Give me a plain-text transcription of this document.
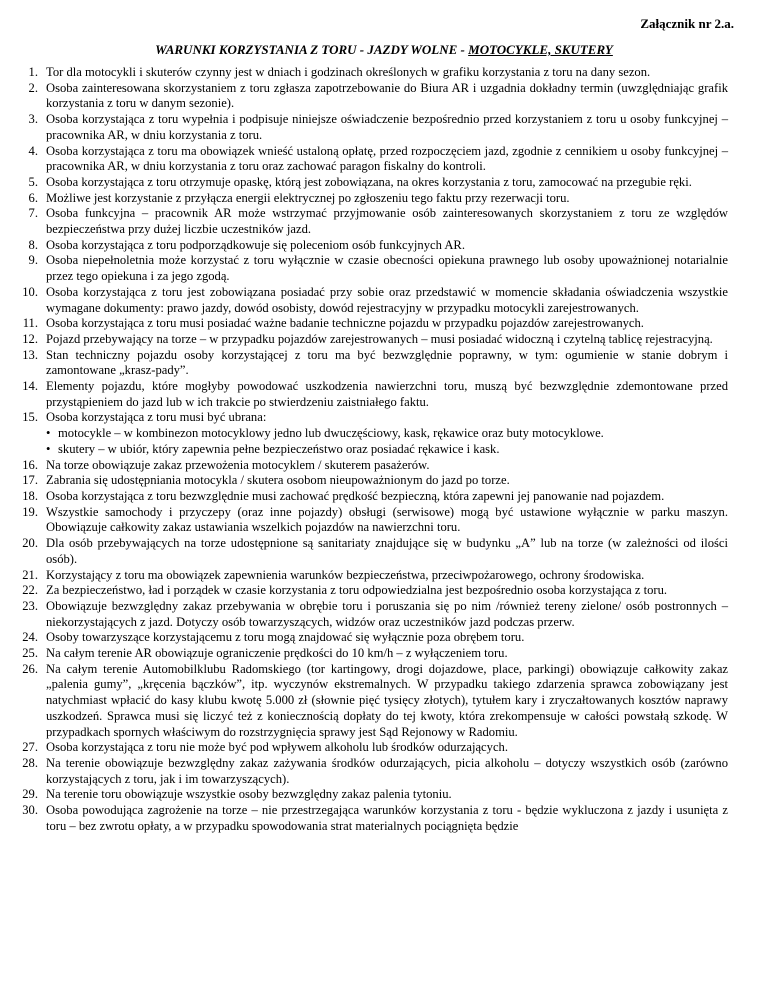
Załącznik nr 2.a.
WARUNKI KORZYSTANIA Z TORU - JAZDY WOLNE - MOTOCYKLE, SKUTERY
1. Tor dla motocykli i skuterów czynny jest w dniach i godzinach określonych w grafiku korzystania z toru na dany sezon.
2. Osoba zainteresowana skorzystaniem z toru zgłasza zapotrzebowanie do Biura AR i uzgadnia dokładny termin (uwzględniając grafik korzystania z toru w danym sezonie).
3. Osoba korzystająca z toru wypełnia i podpisuje niniejsze oświadczenie bezpośrednio przed korzystaniem z toru u osoby funkcyjnej – pracownika AR, w dniu korzystania z toru.
4. Osoba korzystająca z toru ma obowiązek wnieść ustaloną opłatę, przed rozpoczęciem jazd, zgodnie z cennikiem u osoby funkcyjnej – pracownika AR, w dniu korzystania z toru oraz zachować paragon fiskalny do kontroli.
5. Osoba korzystająca z toru otrzymuje opaskę, którą jest zobowiązana, na okres korzystania z toru, zamocować na przegubie ręki.
6. Możliwe jest korzystanie z przyłącza energii elektrycznej po zgłoszeniu tego faktu przy rezerwacji toru.
7. Osoba funkcyjna – pracownik AR może wstrzymać przyjmowanie osób zainteresowanych skorzystaniem z toru ze względów bezpieczeństwa przy dużej liczbie uczestników jazd.
8. Osoba korzystająca z toru podporządkowuje się poleceniom osób funkcyjnych AR.
9. Osoba niepełnoletnia może korzystać z toru wyłącznie w czasie obecności opiekuna prawnego lub osoby upoważnionej notarialnie przez tego opiekuna i za jego zgodą.
10. Osoba korzystająca z toru jest zobowiązana posiadać przy sobie oraz przedstawić w momencie składania oświadczenia wszystkie wymagane dokumenty: prawo jazdy, dowód osobisty, dowód rejestracyjny w przypadku motocykli zarejestrowanych.
11. Osoba korzystająca z toru musi posiadać ważne badanie techniczne pojazdu w przypadku pojazdów zarejestrowanych.
12. Pojazd przebywający na torze – w przypadku pojazdów zarejestrowanych – musi posiadać widoczną i czytelną tablicę rejestracyjną.
13. Stan techniczny pojazdu osoby korzystającej z toru ma być bezwzględnie poprawny, w tym: ogumienie w stanie dobrym i zamontowane „krasz-pady”.
14. Elementy pojazdu, które mogłyby powodować uszkodzenia nawierzchni toru, muszą być bezwzględnie zdemontowane przed przystąpieniem do jazd lub w ich trakcie po stwierdzeniu zaistniałego faktu.
15. Osoba korzystająca z toru musi być ubrana:
• motocykle – w kombinezon motocyklowy jedno lub dwuczęściowy, kask, rękawice oraz buty motocyklowe.
• skutery – w ubiór, który zapewnia pełne bezpieczeństwo oraz posiadać rękawice i kask.
16. Na torze obowiązuje zakaz przewożenia motocyklem / skuterem pasażerów.
17. Zabrania się udostępniania motocykla / skutera osobom nieupoważnionym do jazd po torze.
18. Osoba korzystająca z toru bezwzględnie musi zachować prędkość bezpieczną, która zapewni jej panowanie nad pojazdem.
19. Wszystkie samochody i przyczepy (oraz inne pojazdy) obsługi (serwisowe) mogą być ustawione wyłącznie w parku maszyn. Obowiązuje całkowity zakaz ustawiania wszelkich pojazdów na nawierzchni toru.
20. Dla osób przebywających na torze udostępnione są sanitariaty znajdujące się w budynku „A” lub na torze (w zależności od ilości osób).
21. Korzystający z toru ma obowiązek zapewnienia warunków bezpieczeństwa, przeciwpożarowego, ochrony środowiska.
22. Za bezpieczeństwo, ład i porządek w czasie korzystania z toru odpowiedzialna jest bezpośrednio osoba korzystająca z toru.
23. Obowiązuje bezwzględny zakaz przebywania w obrębie toru i poruszania się po nim /również tereny zielone/ osób postronnych – niekorzystających z jazd. Dotyczy osób towarzyszących, widzów oraz uczestników jazd podczas przerw.
24. Osoby towarzyszące korzystającemu z toru mogą znajdować się wyłącznie poza obrębem toru.
25. Na całym terenie AR obowiązuje ograniczenie prędkości do 10 km/h – z wyłączeniem toru.
26. Na całym terenie Automobilklubu Radomskiego (tor kartingowy, drogi dojazdowe, place, parkingi) obowiązuje całkowity zakaz „palenia gumy”, „kręcenia bączków”, itp. wyczynów ekstremalnych. W przypadku takiego zdarzenia sprawca zobowiązany jest natychmiast wpłacić do kasy klubu kwotę 5.000 zł (słownie pięć tysięcy złotych), tytułem kary i zryczałtowanych kosztów naprawy uszkodzeń. Sprawca musi się liczyć też z koniecznością dopłaty do tej kwoty, która zrekompensuje w całości powstałą szkodę. W przypadkach spornych właściwym do rozstrzygnięcia sprawy jest Sąd Rejonowy w Radomiu.
27. Osoba korzystająca z toru nie może być pod wpływem alkoholu lub środków odurzających.
28. Na terenie obowiązuje bezwzględny zakaz zażywania środków odurzających, picia alkoholu – dotyczy wszystkich osób (zarówno korzystających z toru, jak i im towarzyszących).
29. Na terenie toru obowiązuje wszystkie osoby bezwzględny zakaz palenia tytoniu.
30. Osoba powodująca zagrożenie na torze – nie przestrzegająca warunków korzystania z toru - będzie wykluczona z jazdy i usunięta z toru – bez zwrotu opłaty, a w przypadku spowodowania strat materialnych pociągnięta będzie
